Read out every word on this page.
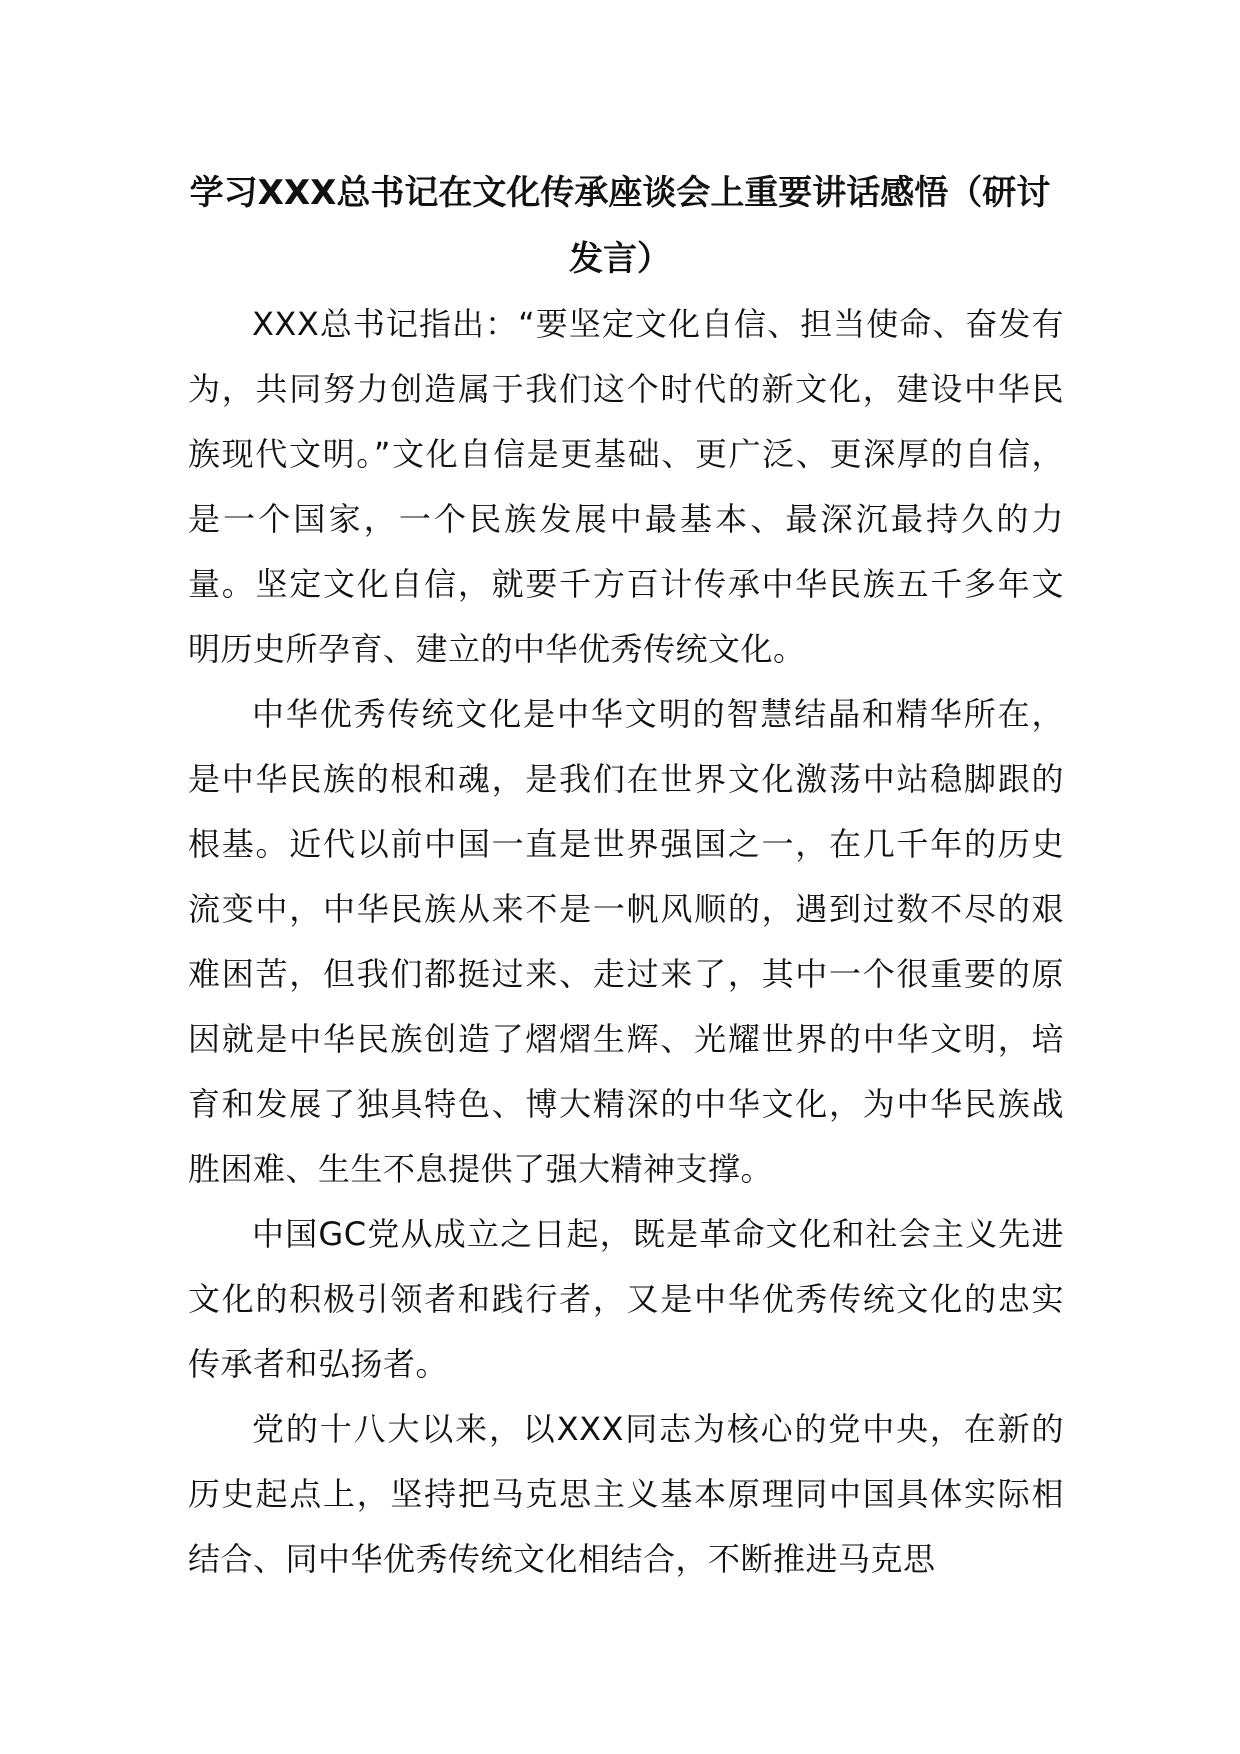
学习XXX总书记在文化传承座谈会上重要讲话感悟（研讨发言）

XXX总书记指出：“要坚定文化自信、担当使命、奋发有为，共同努力创造属于我们这个时代的新文化，建设中华民族现代文明。”文化自信是更基础、更广泛、更深厚的自信，是一个国家，一个民族发展中最基本、最深沉最持久的力量。坚定文化自信，就要千方百计传承中华民族五千多年文明历史所孕育、建立的中华优秀传统文化。

中华优秀传统文化是中华文明的智慧结晶和精华所在，是中华民族的根和魂，是我们在世界文化激荡中站稳脚跟的根基。近代以前中国一直是世界强国之一，在几千年的历史流变中，中华民族从来不是一帆风顺的，遇到过数不尽的艰难困苦，但我们都挺过来、走过来了，其中一个很重要的原因就是中华民族创造了熠熠生辉、光耀世界的中华文明，培育和发展了独具特色、博大精深的中华文化，为中华民族战胜困难、生生不息提供了强大精神支撑。

中国GC党从成立之日起，既是革命文化和社会主义先进文化的积极引领者和践行者，又是中华优秀传统文化的忠实传承者和弘扬者。

党的十八大以来，以XXX同志为核心的党中央，在新的历史起点上，坚持把马克思主义基本原理同中国具体实际相结合、同中华优秀传统文化相结合，不断推进马克思
